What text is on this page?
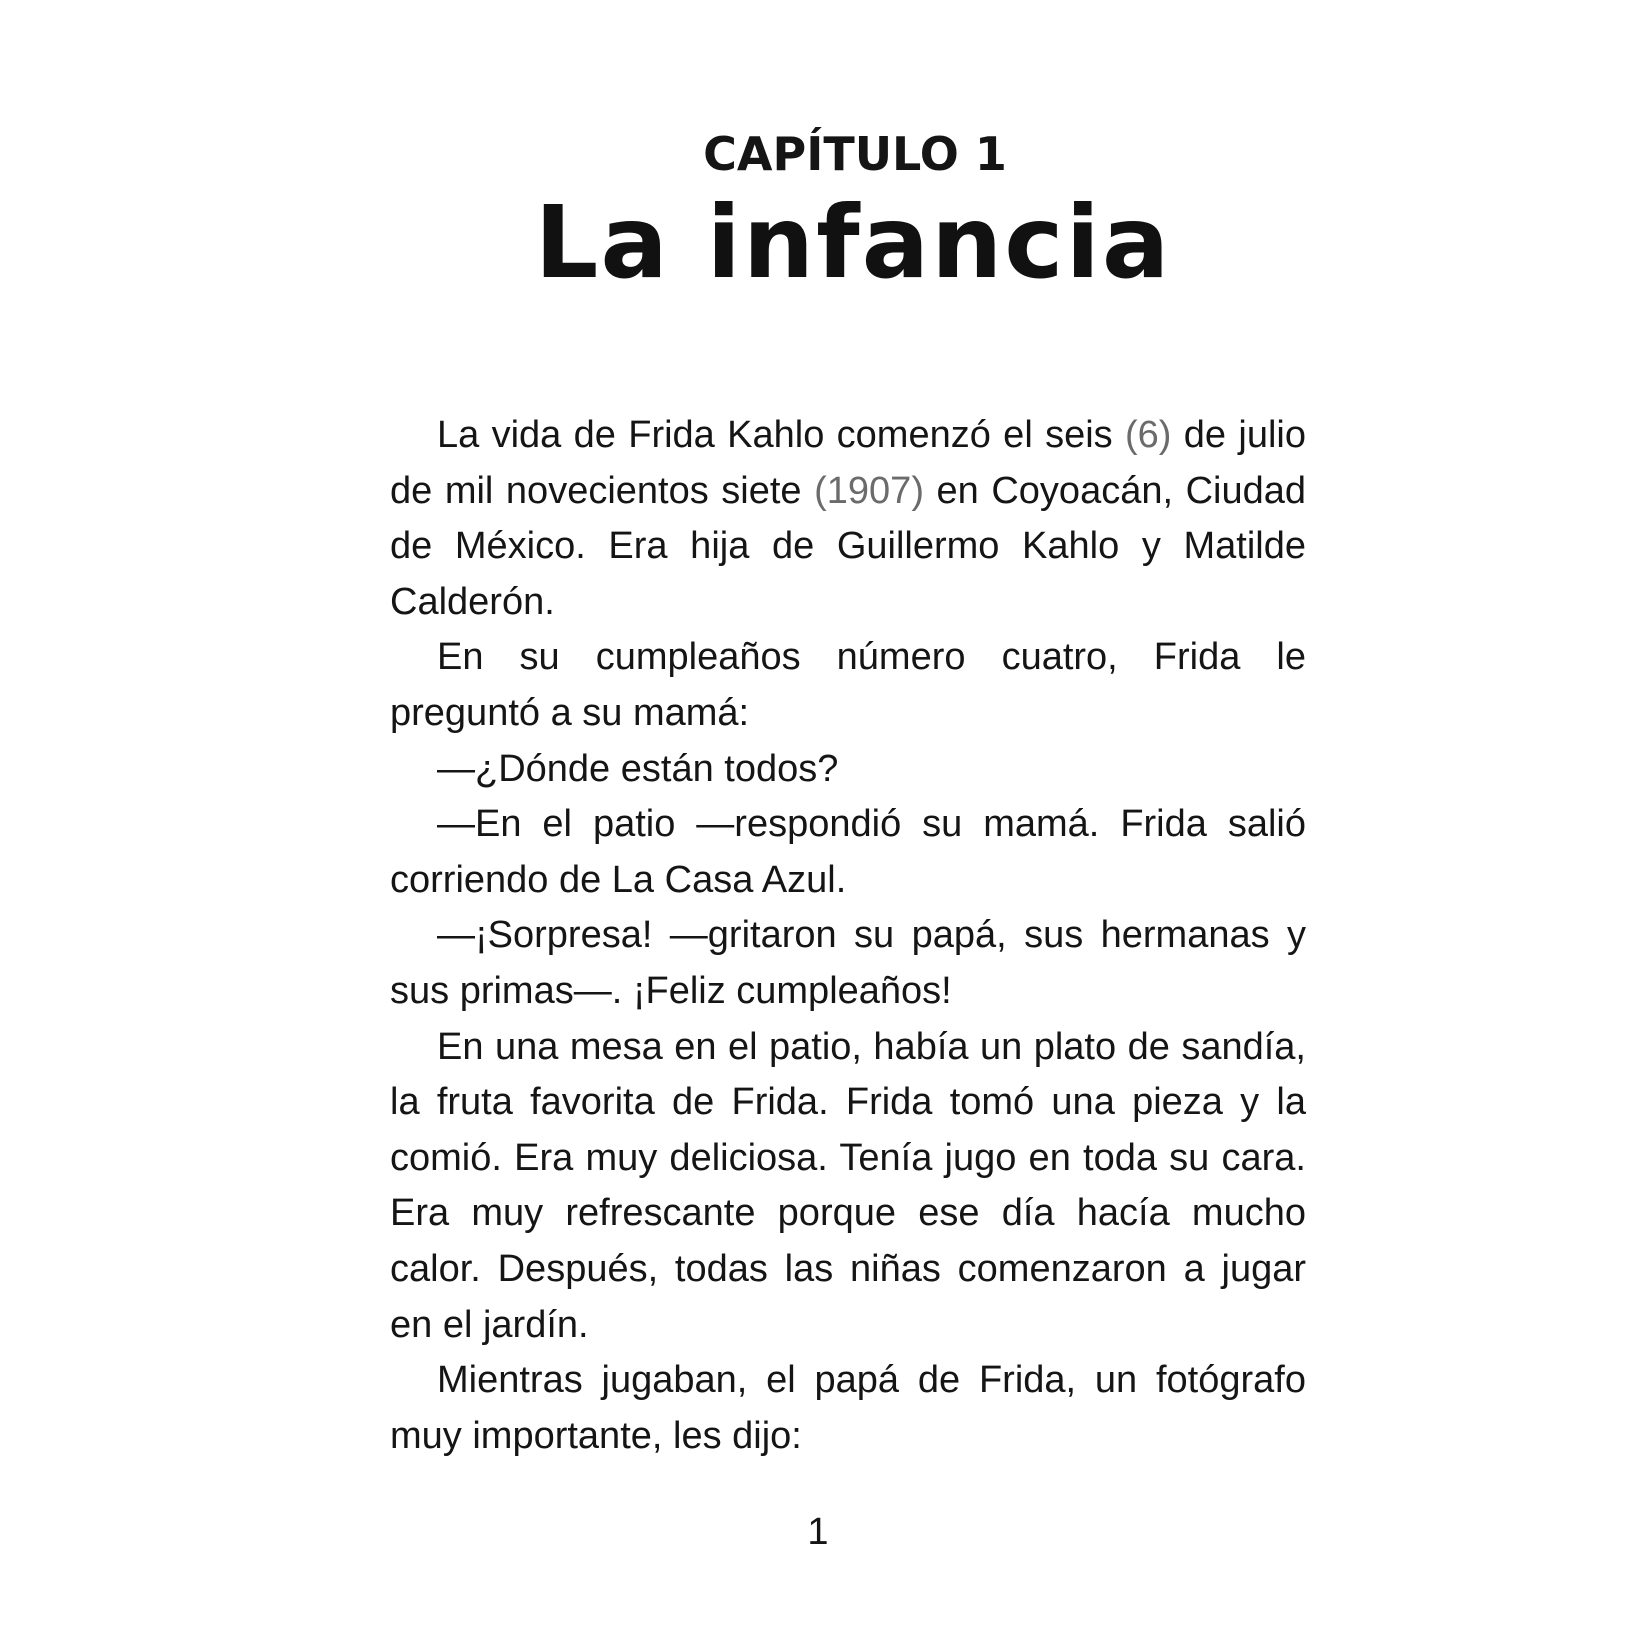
CAPÍTULO 1
La infancia

La vida de Frida Kahlo comenzó el seis (6) de julio de mil novecientos siete (1907) en Coyoacán, Ciudad de México. Era hija de Guillermo Kahlo y Matilde Calderón.

En su cumpleaños número cuatro, Frida le preguntó a su mamá:

—¿Dónde están todos?

—En el patio —respondió su mamá. Frida salió corriendo de La Casa Azul.

—¡Sorpresa! —gritaron su papá, sus hermanas y sus primas—. ¡Feliz cumpleaños!

En una mesa en el patio, había un plato de sandía, la fruta favorita de Frida. Frida tomó una pieza y la comió. Era muy deliciosa. Tenía jugo en toda su cara. Era muy refrescante porque ese día hacía mucho calor. Después, todas las niñas comenzaron a jugar en el jardín.

Mientras jugaban, el papá de Frida, un fotógrafo muy importante, les dijo:

1
